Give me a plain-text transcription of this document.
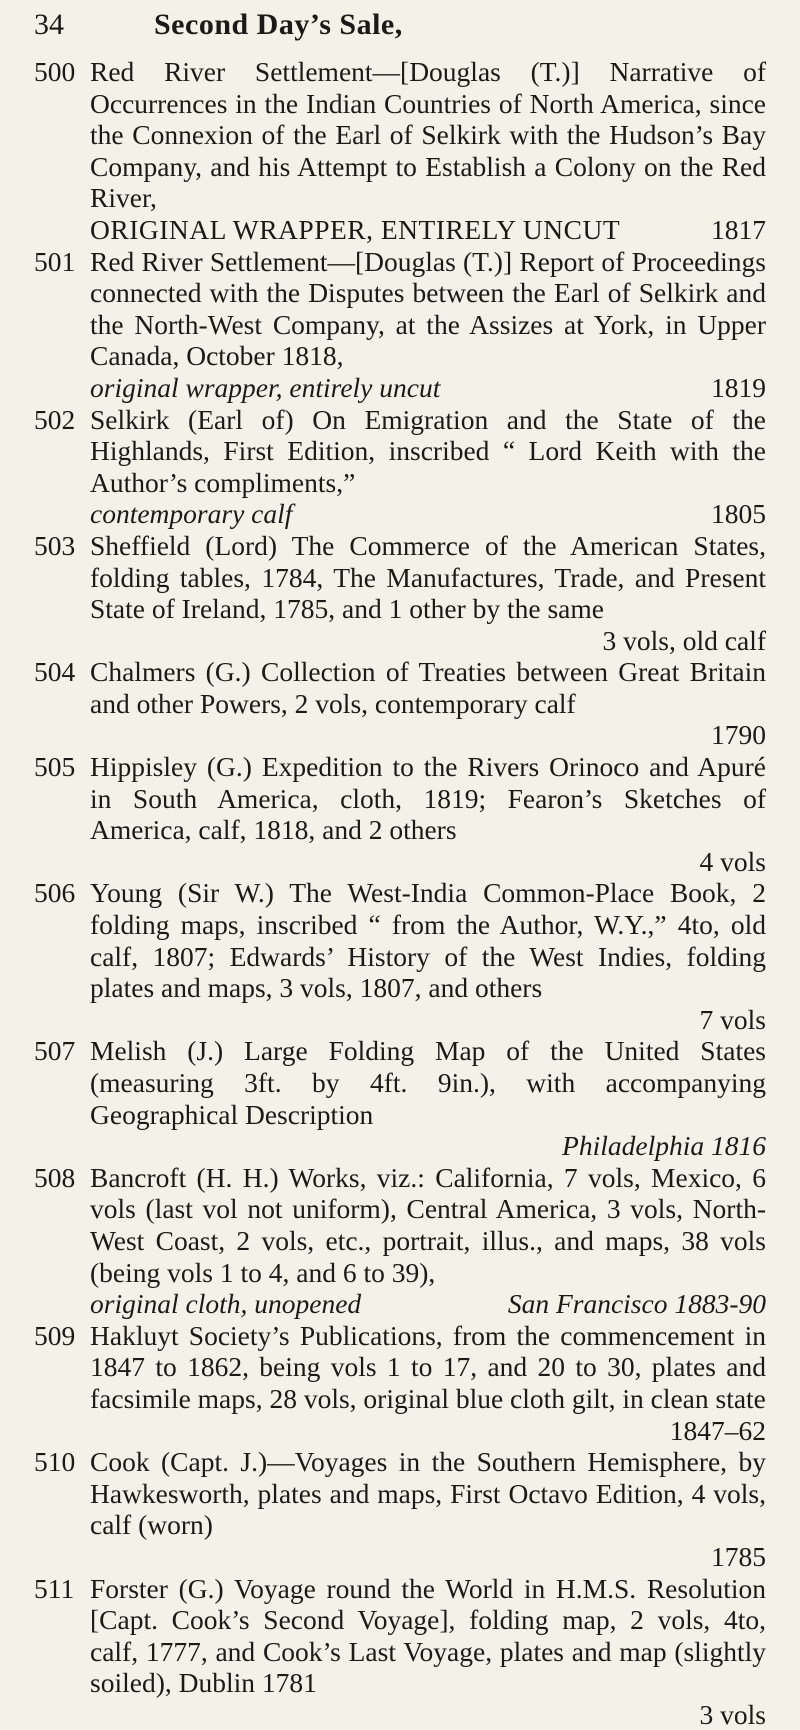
34	Second Day’s Sale,
500 Red River Settlement—[Douglas (T.)] Narrative of Occurrences in the Indian Countries of North America, since the Connexion of the Earl of Selkirk with the Hudson’s Bay Company, and his Attempt to Establish a Colony on the Red River,
ORIGINAL WRAPPER, ENTIRELY UNCUT	1817
501 Red River Settlement—[Douglas (T.)] Report of Proceedings connected with the Disputes between the Earl of Selkirk and the North-West Company, at the Assizes at York, in Upper Canada, October 1818,
original wrapper, entirely uncut	1819
502 Selkirk (Earl of) On Emigration and the State of the Highlands, First Edition, inscribed “ Lord Keith with the Author’s compliments,”
contemporary calf	1805
503 Sheffield (Lord) The Commerce of the American States, folding tables, 1784, The Manufactures, Trade, and Present State of Ireland, 1785, and 1 other by the same
3 vols, old calf
504 Chalmers (G.) Collection of Treaties between Great Britain and other Powers, 2 vols, contemporary calf
1790
505 Hippisley (G.) Expedition to the Rivers Orinoco and Apuré in South America, cloth, 1819; Fearon’s Sketches of America, calf, 1818, and 2 others
4 vols
506 Young (Sir W.) The West-India Common-Place Book, 2 folding maps, inscribed “ from the Author, W.Y.,” 4to, old calf, 1807; Edwards’ History of the West Indies, folding plates and maps, 3 vols, 1807, and others
7 vols
507 Melish (J.) Large Folding Map of the United States (measuring 3ft. by 4ft. 9in.), with accompanying Geographical Description
Philadelphia 1816
508 Bancroft (H. H.) Works, viz.: California, 7 vols, Mexico, 6 vols (last vol not uniform), Central America, 3 vols, North-West Coast, 2 vols, etc., portrait, illus., and maps, 38 vols (being vols 1 to 4, and 6 to 39),
original cloth, unopened	San Francisco 1883-90
509 Hakluyt Society’s Publications, from the commencement in 1847 to 1862, being vols 1 to 17, and 20 to 30, plates and facsimile maps, 28 vols, original blue cloth gilt, in clean state
1847–62
510 Cook (Capt. J.)—Voyages in the Southern Hemisphere, by Hawkesworth, plates and maps, First Octavo Edition, 4 vols, calf (worn)
1785
511 Forster (G.) Voyage round the World in H.M.S. Resolution [Capt. Cook’s Second Voyage], folding map, 2 vols, 4to, calf, 1777, and Cook’s Last Voyage, plates and map (slightly soiled), Dublin 1781
3 vols
